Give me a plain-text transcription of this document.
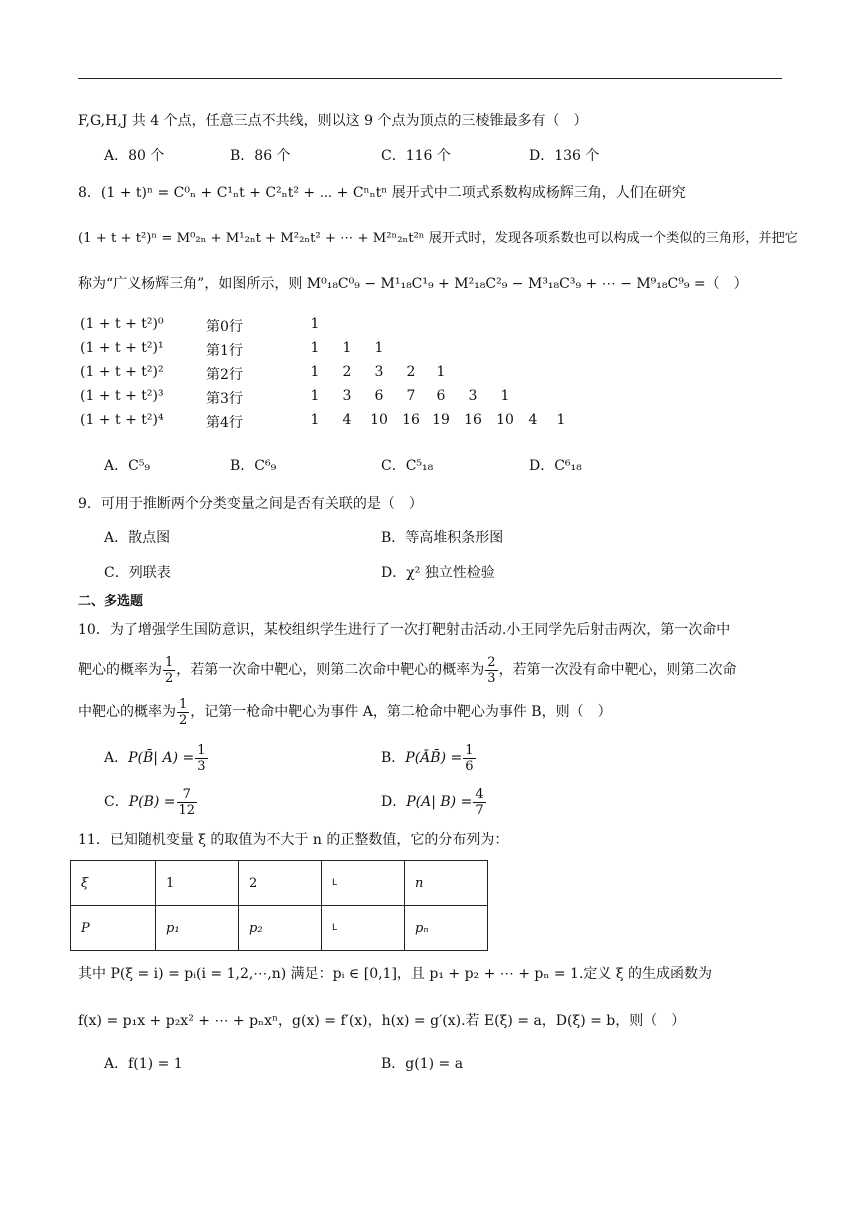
F,G,H,J 共 4 个点，任意三点不共线，则以这 9 个点为顶点的三棱锥最多有（　）
A．80 个	B．86 个	C．116 个	D．136 个
8．(1 + t)ⁿ = C⁰ₙ + C¹ₙt + C²ₙt² + ⋯ + Cⁿₙtⁿ 展开式中二项式系数构成杨辉三角，人们在研究
(1 + t + t²)ⁿ = M⁰₂ₙ + M¹₂ₙt + M²₂ₙt² + ⋯ + M²ⁿ₂ₙt²ⁿ 展开式时，发现各项系数也可以构成一个类似的三角形，并把它
称为“广义杨辉三角”，如图所示，则 M⁰₁₈C⁰₉ − M¹₁₈C¹₉ + M²₁₈C²₉ − M³₁₈C³₉ + ⋯ − M⁹₁₈C⁹₉ =（　）
(1 + t + t²)⁰	第0行	1
(1 + t + t²)¹	第1行	1	1	1
(1 + t + t²)²	第2行	1	2	3	2	1
(1 + t + t²)³	第3行	1	3	6	7	6	3	1
(1 + t + t²)⁴	第4行	1	4	10 16 19 16 10	4	1
A．C⁵₉	B．C⁶₉	C．C⁵₁₈	D．C⁶₁₈
9．可用于推断两个分类变量之间是否有关联的是（　）
A．散点图	B．等高堆积条形图
C．列联表	D．χ² 独立性检验
二、多选题
10．为了增强学生国防意识，某校组织学生进行了一次打靶射击活动.小王同学先后射击两次，第一次命中
靶心的概率为 $\frac{1}{2}$ ，若第一次命中靶心，则第二次命中靶心的概率为 $\frac{2}{3}$ ，若第一次没有命中靶心，则第二次命
中靶心的概率为 $\frac{1}{2}$ ，记第一枪命中靶心为事件 A，第二枪命中靶心为事件 B，则（　）
A．P(B̄| $A) = \frac{1}{3}$	B．P(ĀB̄) = $\frac{1}{6}$
C．$P(B) = \frac{7}{12}$	D．P(A| $B) = \frac{4}{7}$
11．已知随机变量 ξ 的取值为不大于 n 的正整数值，它的分布列为：
ξ	1	2	L	n
P	p₁	p₂	L	pₙ
其中 P(ξ = i) = pᵢ(i = 1,2,⋯,n) 满足：pᵢ ∈ [0,1]，且 p₁ + p₂ + ⋯ + pₙ = 1.定义 ξ 的生成函数为
f(x) = p₁x + p₂x² + ⋯ + pₙxⁿ，g(x) = f′(x)，h(x) = g′(x).若 E(ξ) = a，D(ξ) = b，则（　）
A．f(1) = 1	B．g(1) = a
